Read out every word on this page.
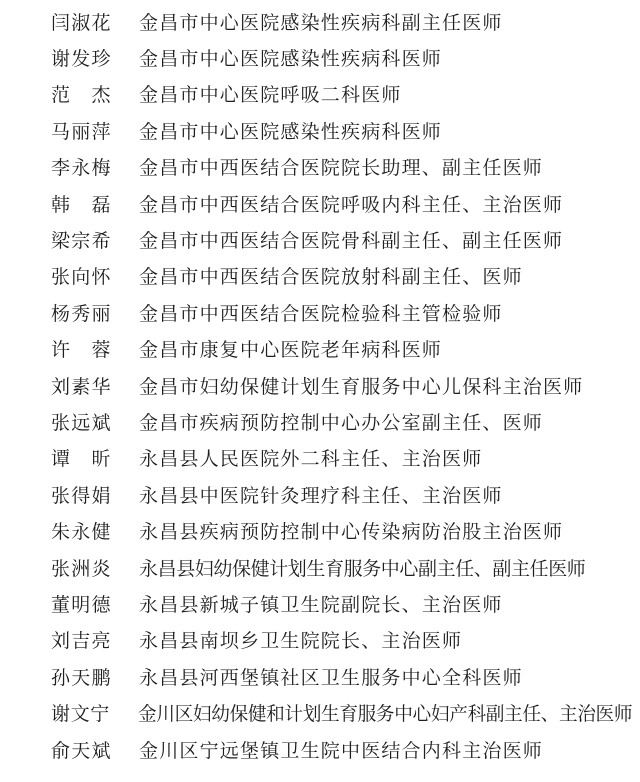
闫淑花 金昌市中心医院感染性疾病科副主任医师
谢发珍 金昌市中心医院感染性疾病科医师
范　杰 金昌市中心医院呼吸二科医师
马丽萍 金昌市中心医院感染性疾病科医师
李永梅 金昌市中西医结合医院院长助理、副主任医师
韩　磊 金昌市中西医结合医院呼吸内科主任、主治医师
梁宗希 金昌市中西医结合医院骨科副主任、副主任医师
张向怀 金昌市中西医结合医院放射科副主任、医师
杨秀丽 金昌市中西医结合医院检验科主管检验师
许　蓉 金昌市康复中心医院老年病科医师
刘素华 金昌市妇幼保健计划生育服务中心儿保科主治医师
张远斌 金昌市疾病预防控制中心办公室副主任、医师
谭　昕 永昌县人民医院外二科主任、主治医师
张得娟 永昌县中医院针灸理疗科主任、主治医师
朱永健 永昌县疾病预防控制中心传染病防治股主治医师
张洲炎 永昌县妇幼保健计划生育服务中心副主任、副主任医师
董明德 永昌县新城子镇卫生院副院长、主治医师
刘吉亮 永昌县南坝乡卫生院院长、主治医师
孙天鹏 永昌县河西堡镇社区卫生服务中心全科医师
谢文宁 金川区妇幼保健和计划生育服务中心妇产科副主任、主治医师
俞天斌 金川区宁远堡镇卫生院中医结合内科主治医师
